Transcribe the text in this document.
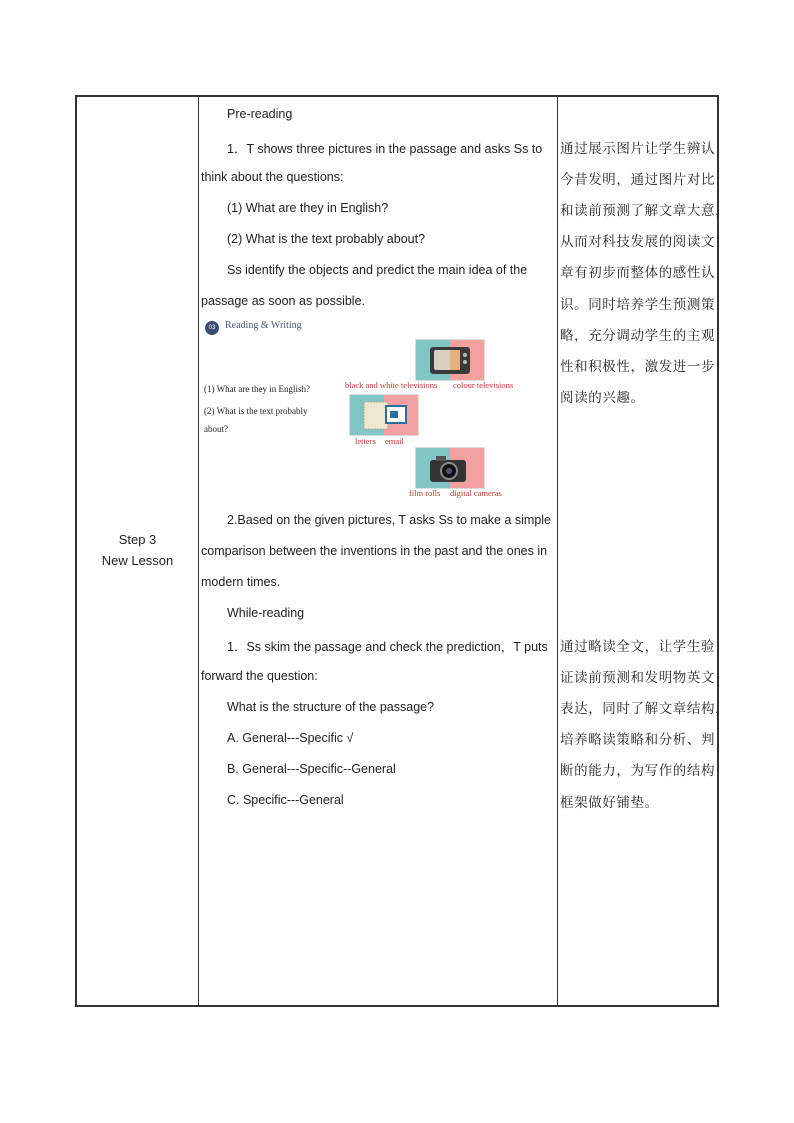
Step 3
New Lesson
Pre-reading
1．T shows three pictures in the passage and asks Ss to
think about the questions:
(1) What are they in English?
(2) What is the text probably about?
Ss identify the objects and predict the main idea of the
passage as soon as possible.
2.Based on the given pictures, T asks Ss to make a simple
comparison between the inventions in the past and the ones in
modern times.
While-reading
1．Ss skim the passage and check the prediction，T puts
forward the question:
What is the structure of the passage?
A. General---Specific √
B. General---Specific--General
C. Specific---General
03 Reading & Writing
(1) What are they in English?
(2) What is the text probably
about?
black and white televisions colour televisions
letters email
film rolls digital cameras
通过展示图片让学生辨认
今昔发明，通过图片对比
和读前预测了解文章大意，
从而对科技发展的阅读文
章有初步而整体的感性认
识。同时培养学生预测策
略，充分调动学生的主观
性和积极性，激发进一步
阅读的兴趣。
通过略读全文，让学生验
证读前预测和发明物英文
表达，同时了解文章结构，
培养略读策略和分析、判
断的能力，为写作的结构
框架做好铺垫。
